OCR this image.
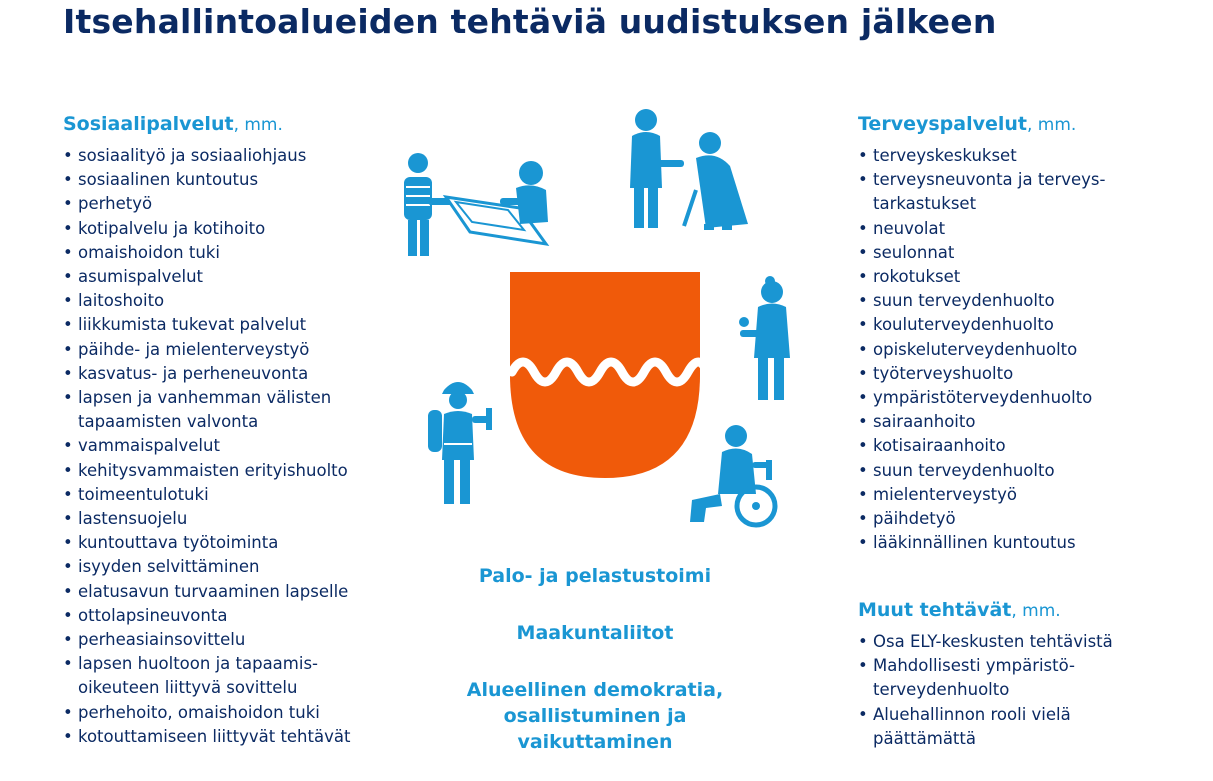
Itsehallintoalueiden tehtäviä uudistuksen jälkeen
Sosiaalipalvelut, mm.
• sosiaalityö ja sosiaaliohjaus
• sosiaalinen kuntoutus
• perhetyö
• kotipalvelu ja kotihoito
• omaishoidon tuki
• asumispalvelut
• laitoshoito
• liikkumista tukevat palvelut
• päihde- ja mielenterveystyö
• kasvatus- ja perheneuvonta
• lapsen ja vanhemman välisten
tapaamisten valvonta
• vammaispalvelut
• kehitysvammaisten erityishuolto
• toimeentulotuki
• lastensuojelu
• kuntouttava työtoiminta
• isyyden selvittäminen
• elatusavun turvaaminen lapselle
• ottolapsineuvonta
• perheasiainsovittelu
• lapsen huoltoon ja tapaamis-
oikeuteen liittyvä sovittelu
• perhehoito, omaishoidon tuki
• kotouttamiseen liittyvät tehtävät
Terveyspalvelut, mm.
• terveyskeskukset
• terveysneuvonta ja terveys-
tarkastukset
• neuvolat
• seulonnat
• rokotukset
• suun terveydenhuolto
• kouluterveydenhuolto
• opiskeluterveydenhuolto
• työterveyshuolto
• ympäristöterveydenhuolto
• sairaanhoito
• kotisairaanhoito
• suun terveydenhuolto
• mielenterveystyö
• päihdetyö
• lääkinnällinen kuntoutus
Muut tehtävät, mm.
• Osa ELY-keskusten tehtävistä
• Mahdollisesti ympäristö-
terveydenhuolto
• Aluehallinnon rooli vielä
päättämättä
Palo- ja pelastustoimi
Maakuntaliitot
Alueellinen demokratia,
osallistuminen ja
vaikuttaminen
